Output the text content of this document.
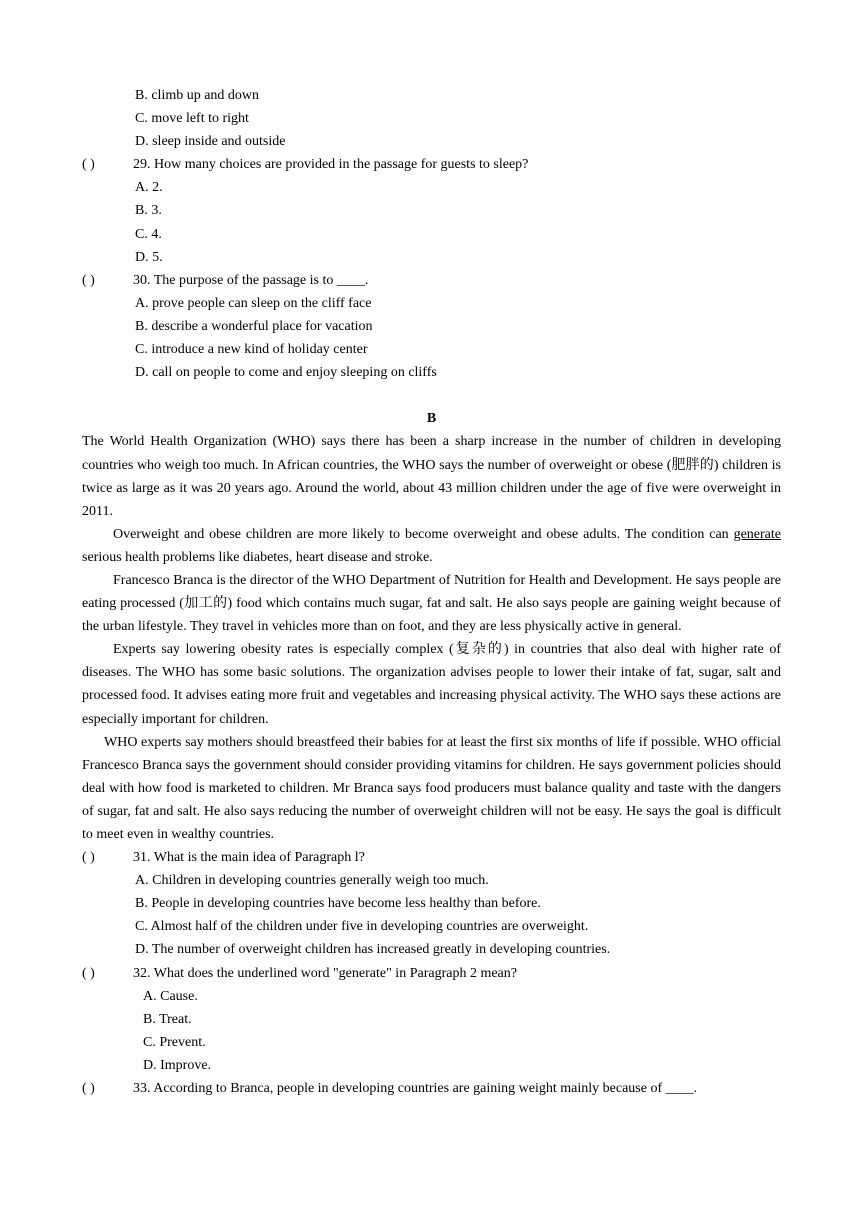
B. climb up and down
C. move left to right
D. sleep inside and outside
( )	29. How many choices are provided in the passage for guests to sleep?
A. 2.
B. 3.
C. 4.
D. 5.
( )	30. The purpose of the passage is to ____.
A. prove people can sleep on the cliff face
B. describe a wonderful place for vacation
C. introduce a new kind of holiday center
D. call on people to come and enjoy sleeping on cliffs
B
The World Health Organization (WHO) says there has been a sharp increase in the number of children in developing countries who weigh too much. In African countries, the WHO says the number of overweight or obese (肥胖的) children is twice as large as it was 20 years ago. Around the world, about 43 million children under the age of five were overweight in 2011.
Overweight and obese children are more likely to become overweight and obese adults. The condition can generate serious health problems like diabetes, heart disease and stroke.
Francesco Branca is the director of the WHO Department of Nutrition for Health and Development. He says people are eating processed (加工的) food which contains much sugar, fat and salt. He also says people are gaining weight because of the urban lifestyle. They travel in vehicles more than on foot, and they are less physically active in general.
Experts say lowering obesity rates is especially complex (复杂的) in countries that also deal with higher rate of diseases. The WHO has some basic solutions. The organization advises people to lower their intake of fat, sugar, salt and processed food. It advises eating more fruit and vegetables and increasing physical activity. The WHO says these actions are especially important for children.
WHO experts say mothers should breastfeed their babies for at least the first six months of life if possible. WHO official Francesco Branca says the government should consider providing vitamins for children. He says government policies should deal with how food is marketed to children. Mr Branca says food producers must balance quality and taste with the dangers of sugar, fat and salt. He also says reducing the number of overweight children will not be easy. He says the goal is difficult to meet even in wealthy countries.
( )	31. What is the main idea of Paragraph l?
A. Children in developing countries generally weigh too much.
B. People in developing countries have become less healthy than before.
C. Almost half of the children under five in developing countries are overweight.
D. The number of overweight children has increased greatly in developing countries.
( )	32. What does the underlined word "generate" in Paragraph 2 mean?
A. Cause.
B. Treat.
C. Prevent.
D. Improve.
( )	33. According to Branca, people in developing countries are gaining weight mainly because of ____.
